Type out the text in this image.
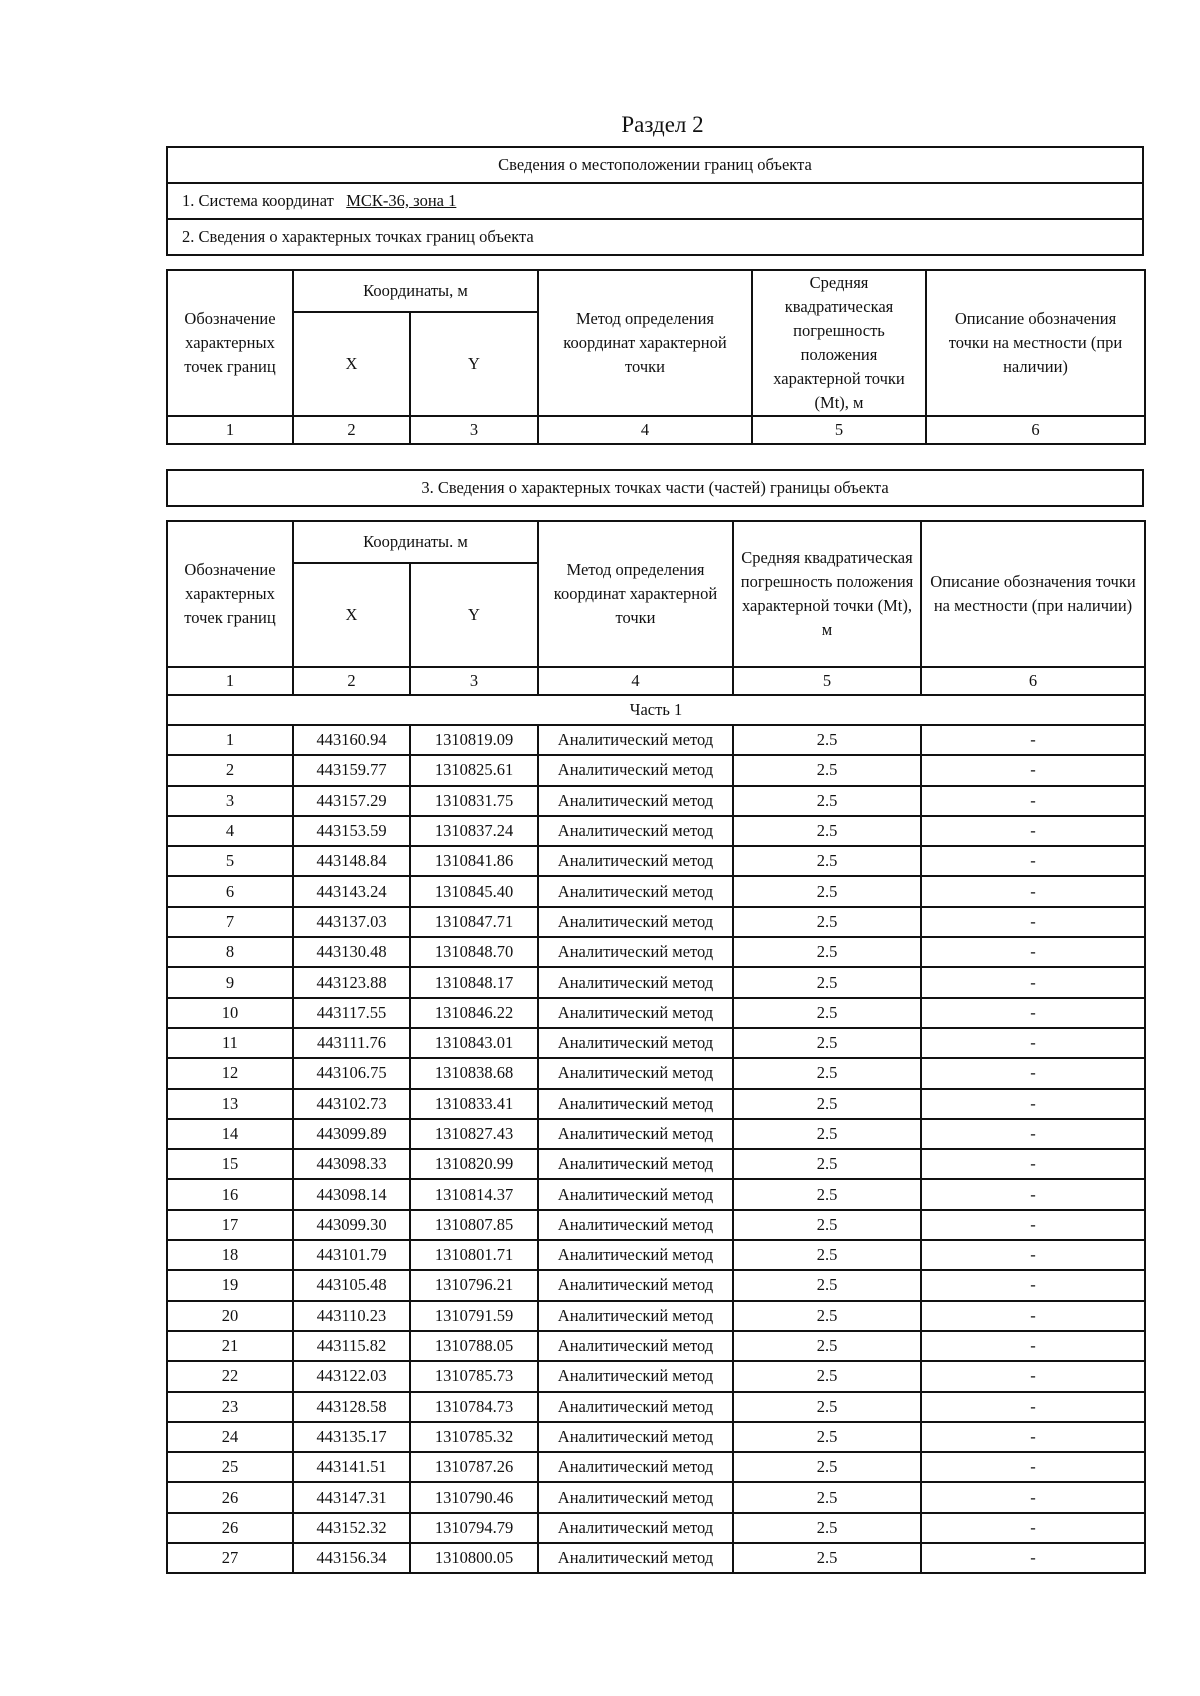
Раздел 2
Сведения о местоположении границ объекта
1. Система координат МСК-36, зона 1
2. Сведения о характерных точках границ объекта
Обозначение характерных точек границ	Координаты, м		Метод определения координат характерной точки	Средняя квадратическая погрешность положения характерной точки (Mt), м	Описание обозначения точки на местности (при наличии)
	X	Y			
1	2	3	4	5	6
3. Сведения о характерных точках части (частей) границы объекта
Обозначение характерных точек границ	Координаты. м		Метод определения координат характерной точки	Средняя квадратическая погрешность положения характерной точки (Mt), м	Описание обозначения точки на местности (при наличии)
	X	Y			
1	2	3	4	5	6
Часть 1					
1	443160.94	1310819.09	Аналитический метод	2.5	-
2	443159.77	1310825.61	Аналитический метод	2.5	-
3	443157.29	1310831.75	Аналитический метод	2.5	-
4	443153.59	1310837.24	Аналитический метод	2.5	-
5	443148.84	1310841.86	Аналитический метод	2.5	-
6	443143.24	1310845.40	Аналитический метод	2.5	-
7	443137.03	1310847.71	Аналитический метод	2.5	-
8	443130.48	1310848.70	Аналитический метод	2.5	-
9	443123.88	1310848.17	Аналитический метод	2.5	-
10	443117.55	1310846.22	Аналитический метод	2.5	-
11	443111.76	1310843.01	Аналитический метод	2.5	-
12	443106.75	1310838.68	Аналитический метод	2.5	-
13	443102.73	1310833.41	Аналитический метод	2.5	-
14	443099.89	1310827.43	Аналитический метод	2.5	-
15	443098.33	1310820.99	Аналитический метод	2.5	-
16	443098.14	1310814.37	Аналитический метод	2.5	-
17	443099.30	1310807.85	Аналитический метод	2.5	-
18	443101.79	1310801.71	Аналитический метод	2.5	-
19	443105.48	1310796.21	Аналитический метод	2.5	-
20	443110.23	1310791.59	Аналитический метод	2.5	-
21	443115.82	1310788.05	Аналитический метод	2.5	-
22	443122.03	1310785.73	Аналитический метод	2.5	-
23	443128.58	1310784.73	Аналитический метод	2.5	-
24	443135.17	1310785.32	Аналитический метод	2.5	-
25	443141.51	1310787.26	Аналитический метод	2.5	-
26	443147.31	1310790.46	Аналитический метод	2.5	-
26	443152.32	1310794.79	Аналитический метод	2.5	-
27	443156.34	1310800.05	Аналитический метод	2.5	-
